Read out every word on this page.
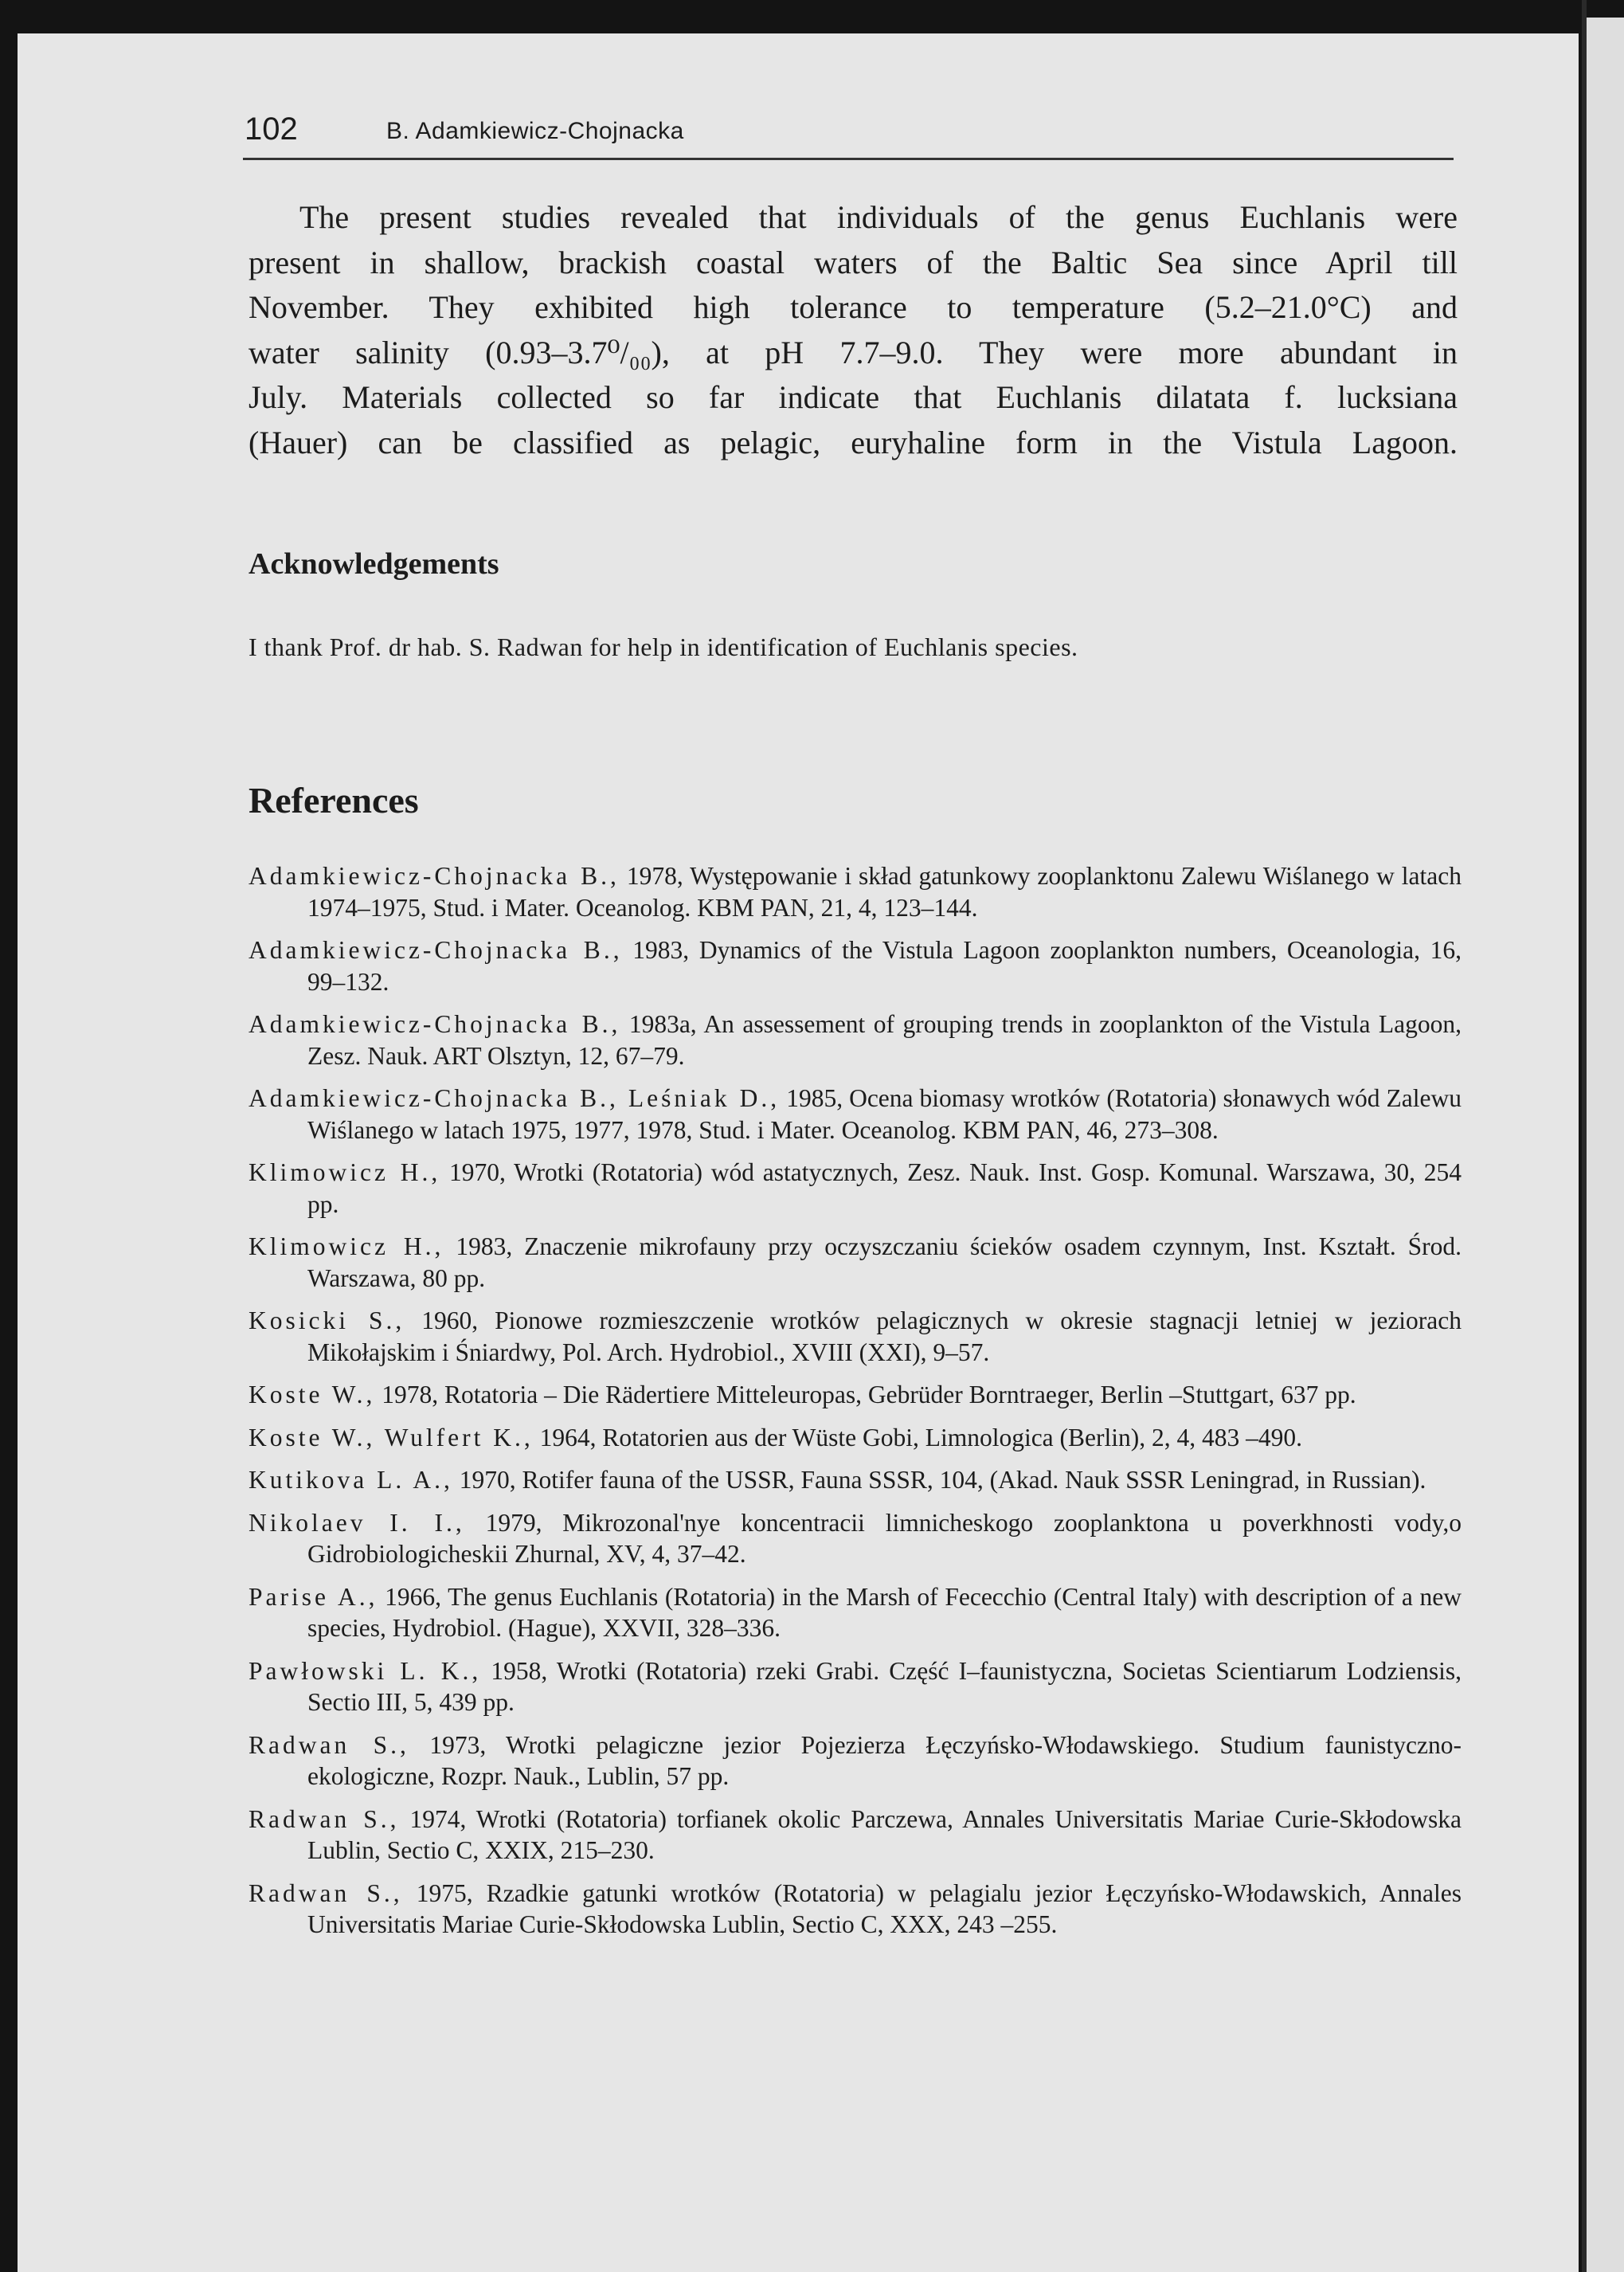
102	B. Adamkiewicz-Chojnacka
The present studies revealed that individuals of the genus Euchlanis were
present in shallow, brackish coastal waters of the Baltic Sea since April till
November. They exhibited high tolerance to temperature (5.2–21.0°C) and
water salinity (0.93–3.7⁰/₀₀), at pH 7.7–9.0. They were more abundant in
July. Materials collected so far indicate that Euchlanis dilatata f. lucksiana
(Hauer) can be classified as pelagic, euryhaline form in the Vistula Lagoon.
Acknowledgements

I thank Prof. dr hab. S. Radwan for help in identification of Euchlanis species.

References
Adamkiewicz-Chojnacka B., 1978, Występowanie i skład gatunkowy zooplanktonu Zalewu Wiślanego w latach 1974–1975, Stud. i Mater. Oceanolog. KBM PAN, 21, 4, 123–144.
Adamkiewicz-Chojnacka B., 1983, Dynamics of the Vistula Lagoon zooplankton numbers, Oceanologia, 16, 99–132.
Adamkiewicz-Chojnacka B., 1983a, An assessement of grouping trends in zooplankton of the Vistula Lagoon, Zesz. Nauk. ART Olsztyn, 12, 67–79.
Adamkiewicz-Chojnacka B., Leśniak D., 1985, Ocena biomasy wrotków (Rotatoria) słonawych wód Zalewu Wiślanego w latach 1975, 1977, 1978, Stud. i Mater. Oceanolog. KBM PAN, 46, 273–308.
Klimowicz H., 1970, Wrotki (Rotatoria) wód astatycznych, Zesz. Nauk. Inst. Gosp. Komunal. Warszawa, 30, 254 pp.
Klimowicz H., 1983, Znaczenie mikrofauny przy oczyszczaniu ścieków osadem czynnym, Inst. Kształt. Środ. Warszawa, 80 pp.
Kosicki S., 1960, Pionowe rozmieszczenie wrotków pelagicznych w okresie stagnacji letniej w jeziorach Mikołajskim i Śniardwy, Pol. Arch. Hydrobiol., XVIII (XXI), 9–57.
Koste W., 1978, Rotatoria – Die Rädertiere Mitteleuropas, Gebrüder Borntraeger, Berlin –Stuttgart, 637 pp.
Koste W., Wulfert K., 1964, Rotatorien aus der Wüste Gobi, Limnologica (Berlin), 2, 4, 483 –490.
Kutikova L. A., 1970, Rotifer fauna of the USSR, Fauna SSSR, 104, (Akad. Nauk SSSR Leningrad, in Russian).
Nikolaev I. I., 1979, Mikrozonal'nye koncentracii limnicheskogo zooplanktona u poverkhnosti vody,o Gidrobiologicheskii Zhurnal, XV, 4, 37–42.
Parise A., 1966, The genus Euchlanis (Rotatoria) in the Marsh of Fececchio (Central Italy) with description of a new species, Hydrobiol. (Hague), XXVII, 328–336.
Pawłowski L. K., 1958, Wrotki (Rotatoria) rzeki Grabi. Część I–faunistyczna, Societas Scientiarum Lodziensis, Sectio III, 5, 439 pp.
Radwan S., 1973, Wrotki pelagiczne jezior Pojezierza Łęczyńsko-Włodawskiego. Studium faunistyczno-ekologiczne, Rozpr. Nauk., Lublin, 57 pp.
Radwan S., 1974, Wrotki (Rotatoria) torfianek okolic Parczewa, Annales Universitatis Mariae Curie-Skłodowska Lublin, Sectio C, XXIX, 215–230.
Radwan S., 1975, Rzadkie gatunki wrotków (Rotatoria) w pelagialu jezior Łęczyńsko-Włodawskich, Annales Universitatis Mariae Curie-Skłodowska Lublin, Sectio C, XXX, 243 –255.
